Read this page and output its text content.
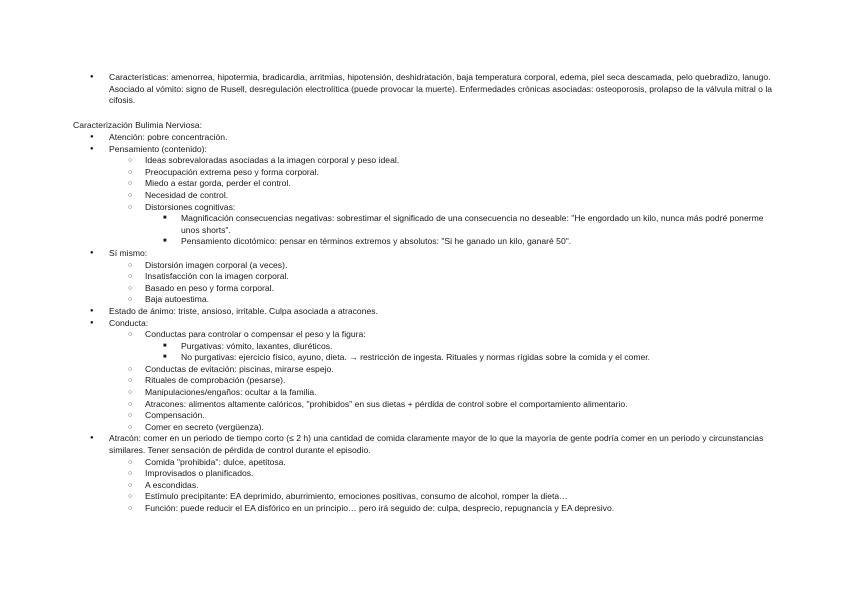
● Características: amenorrea, hipotermia, bradicardia, arritmias, hipotensión, deshidratación, baja temperatura corporal, edema, piel seca descamada, pelo quebradizo, lanugo. Asociado al vómito: signo de Rusell, desregulación electrolítica (puede provocar la muerte). Enfermedades crónicas asociadas: osteoporosis, prolapso de la válvula mitral o la cifosis.
Caracterización Bulimia Nerviosa:
● Atención: pobre concentración.
● Pensamiento (contenido):
○ Ideas sobrevaloradas asociadas a la imagen corporal y peso ideal.
○ Preocupación extrema peso y forma corporal.
○ Miedo a estar gorda, perder el control.
○ Necesidad de control.
○ Distorsiones cognitivas:
■ Magnificación consecuencias negativas: sobrestimar el significado de una consecuencia no deseable: "He engordado un kilo, nunca más podré ponerme unos shorts".
■ Pensamiento dicotómico: pensar en términos extremos y absolutos: "Si he ganado un kilo, ganaré 50".
● Sí mismo:
○ Distorsión imagen corporal (a veces).
○ Insatisfacción con la imagen corporal.
○ Basado en peso y forma corporal.
○ Baja autoestima.
● Estado de ánimo: triste, ansioso, irritable. Culpa asociada a atracones.
● Conducta:
○ Conductas para controlar o compensar el peso y la figura:
■ Purgativas: vómito, laxantes, diuréticos.
■ No purgativas: ejercicio físico, ayuno, dieta. → restricción de ingesta. Rituales y normas rígidas sobre la comida y el comer.
○ Conductas de evitación: piscinas, mirarse espejo.
○ Rituales de comprobación (pesarse).
○ Manipulaciones/engaños: ocultar a la familia.
○ Atracones: alimentos altamente calóricos, "prohibidos" en sus dietas + pérdida de control sobre el comportamiento alimentario.
○ Compensación.
○ Comer en secreto (vergüenza).
● Atracón: comer en un periodo de tiempo corto (≤ 2 h) una cantidad de comida claramente mayor de lo que la mayoría de gente podría comer en un periodo y circunstancias similares. Tener sensación de pérdida de control durante el episodio.
○ Comida "prohibida": dulce, apetitosa.
○ Improvisados o planificados.
○ A escondidas.
○ Estímulo precipitante: EA deprimido, aburrimiento, emociones positivas, consumo de alcohol, romper la dieta…
○ Función: puede reducir el EA disfórico en un principio… pero irá seguido de: culpa, desprecio, repugnancia y EA depresivo.
